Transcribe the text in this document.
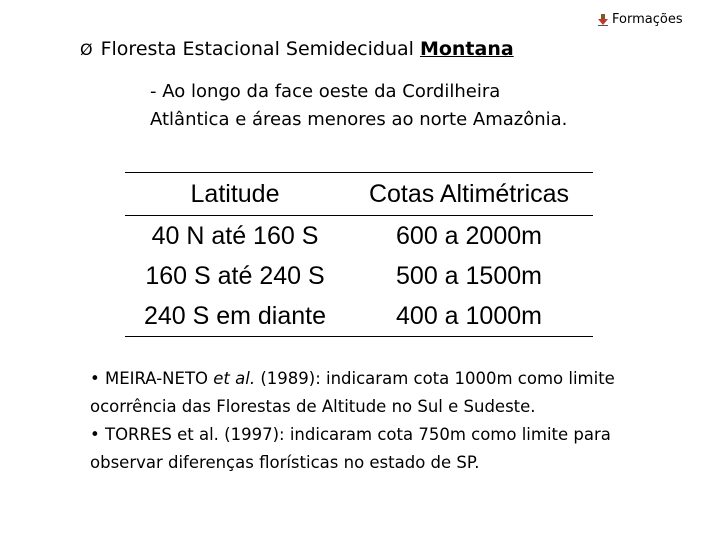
Formações
Ø Floresta Estacional Semidecidual Montana
- Ao longo da face oeste da Cordilheira
Atlântica e áreas menores ao norte Amazônia.
Latitude	Cotas Altimétricas
40 N até 160 S	600 a 2000m
160 S até 240 S	500 a 1500m
240 S em diante	400 a 1000m
• MEIRA-NETO et al. (1989): indicaram cota 1000m como limite ocorrência das Florestas de Altitude no Sul e Sudeste.
• TORRES et al. (1997): indicaram cota 750m como limite para observar diferenças florísticas no estado de SP.
